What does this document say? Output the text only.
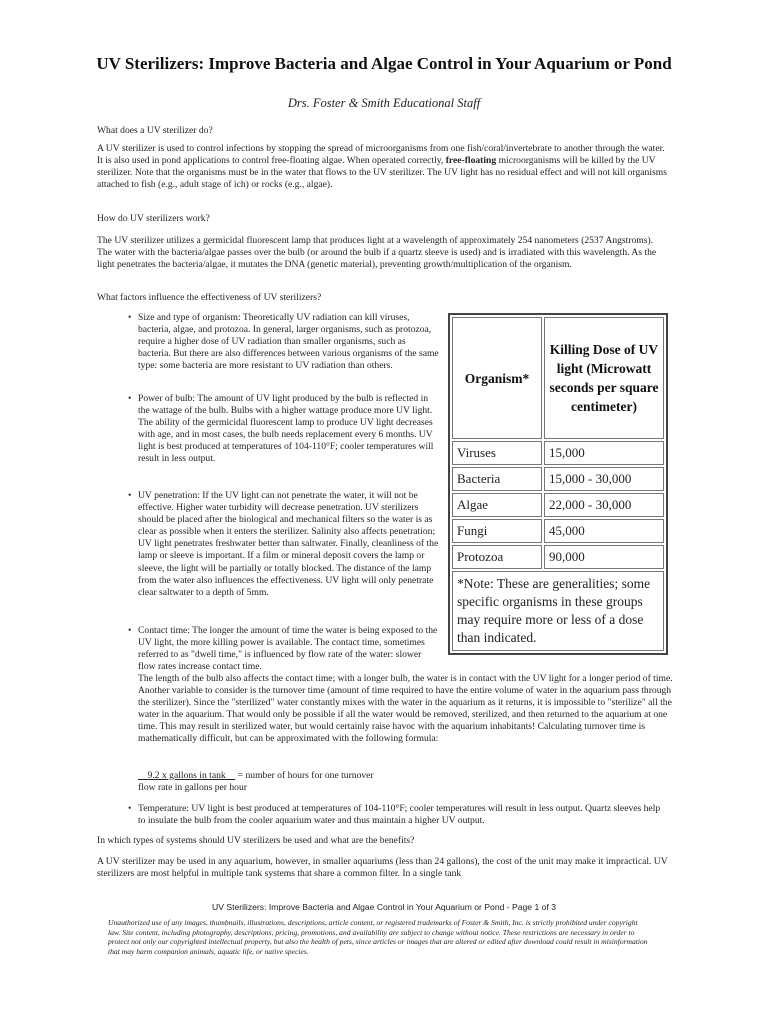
UV Sterilizers: Improve Bacteria and Algae Control in Your Aquarium or Pond
Drs. Foster & Smith Educational Staff

What does a UV sterilizer do?

A UV sterilizer is used to control infections by stopping the spread of microorganisms from one fish/coral/invertebrate to another through the water. It is also used in pond applications to control free-floating algae. When operated correctly, free-floating microorganisms will be killed by the UV sterilizer. Note that the organisms must be in the water that flows to the UV sterilizer. The UV light has no residual effect and will not kill organisms attached to fish (e.g., adult stage of ich) or rocks (e.g., algae).

How do UV sterilizers work?

The UV sterilizer utilizes a germicidal fluorescent lamp that produces light at a wavelength of approximately 254 nanometers (2537 Angstroms). The water with the bacteria/algae passes over the bulb (or around the bulb if a quartz sleeve is used) and is irradiated with this wavelength. As the light penetrates the bacteria/algae, it mutates the DNA (genetic material), preventing growth/multiplication of the organism.

What factors influence the effectiveness of UV sterilizers?

• Size and type of organism: Theoretically UV radiation can kill viruses, bacteria, algae, and protozoa. In general, larger organisms, such as protozoa, require a higher dose of UV radiation than smaller organisms, such as bacteria. But there are also differences between various organisms of the same type: some bacteria are more resistant to UV radiation than others.

• Power of bulb: The amount of UV light produced by the bulb is reflected in the wattage of the bulb. Bulbs with a higher wattage produce more UV light. The ability of the germicidal fluorescent lamp to produce UV light decreases with age, and in most cases, the bulb needs replacement every 6 months. UV light is best produced at temperatures of 104-110°F; cooler temperatures will result in less output.

• UV penetration: If the UV light can not penetrate the water, it will not be effective. Higher water turbidity will decrease penetration. UV sterilizers should be placed after the biological and mechanical filters so the water is as clear as possible when it enters the sterilizer. Salinity also affects penetration; UV light penetrates freshwater better than saltwater. Finally, cleanliness of the lamp or sleeve is important. If a film or mineral deposit covers the lamp or sleeve, the light will be partially or totally blocked. The distance of the lamp from the water also influences the effectiveness. UV light will only penetrate clear saltwater to a depth of 5mm.

• Contact time: The longer the amount of time the water is being exposed to the UV light, the more killing power is available. The contact time, sometimes referred to as "dwell time," is influenced by flow rate of the water: slower flow rates increase contact time.

The length of the bulb also affects the contact time; with a longer bulb, the water is in contact with the UV light for a longer period of time. Another variable to consider is the turnover time (amount of time required to have the entire volume of water in the aquarium pass through the sterilizer). Since the "sterilized" water constantly mixes with the water in the aquarium as it returns, it is impossible to "sterilize" all the water in the aquarium. That would only be possible if all the water would be removed, sterilized, and then returned to the aquarium at one time. This may result in sterilized water, but would certainly raise havoc with the aquarium inhabitants! Calculating turnover time is mathematically difficult, but can be approximated with the following formula:

9.2 x gallons in tank     = number of hours for one turnover
flow rate in gallons per hour

• Temperature: UV light is best produced at temperatures of 104-110°F; cooler temperatures will result in less output. Quartz sleeves help to insulate the bulb from the cooler aquarium water and thus maintain a higher UV output.

In which types of systems should UV sterilizers be used and what are the benefits?

A UV sterilizer may be used in any aquarium, however, in smaller aquariums (less than 24 gallons), the cost of the unit may make it impractical. UV sterilizers are most helpful in multiple tank systems that share a common filter. In a single tank

Organism*	Killing Dose of UV light (Microwatt seconds per square centimeter)
Viruses	15,000
Bacteria	15,000 - 30,000
Algae	22,000 - 30,000
Fungi	45,000
Protozoa	90,000
*Note: These are generalities; some specific organisms in these groups may require more or less of a dose than indicated.	
UV Sterilizers: Improve Bacteria and Algae Control in Your Aquarium or Pond - Page 1 of 3
Unauthorized use of any images, thumbnails, illustrations, descriptions, article content, or registered trademarks of Foster & Smith, Inc. is strictly prohibited under copyright law. Site content, including photography, descriptions, pricing, promotions, and availability are subject to change without notice. These restrictions are necessary in order to protect not only our copyrighted intellectual property, but also the health of pets, since articles or images that are altered or edited after download could result in misinformation that may harm companion animals, aquatic life, or native species.
